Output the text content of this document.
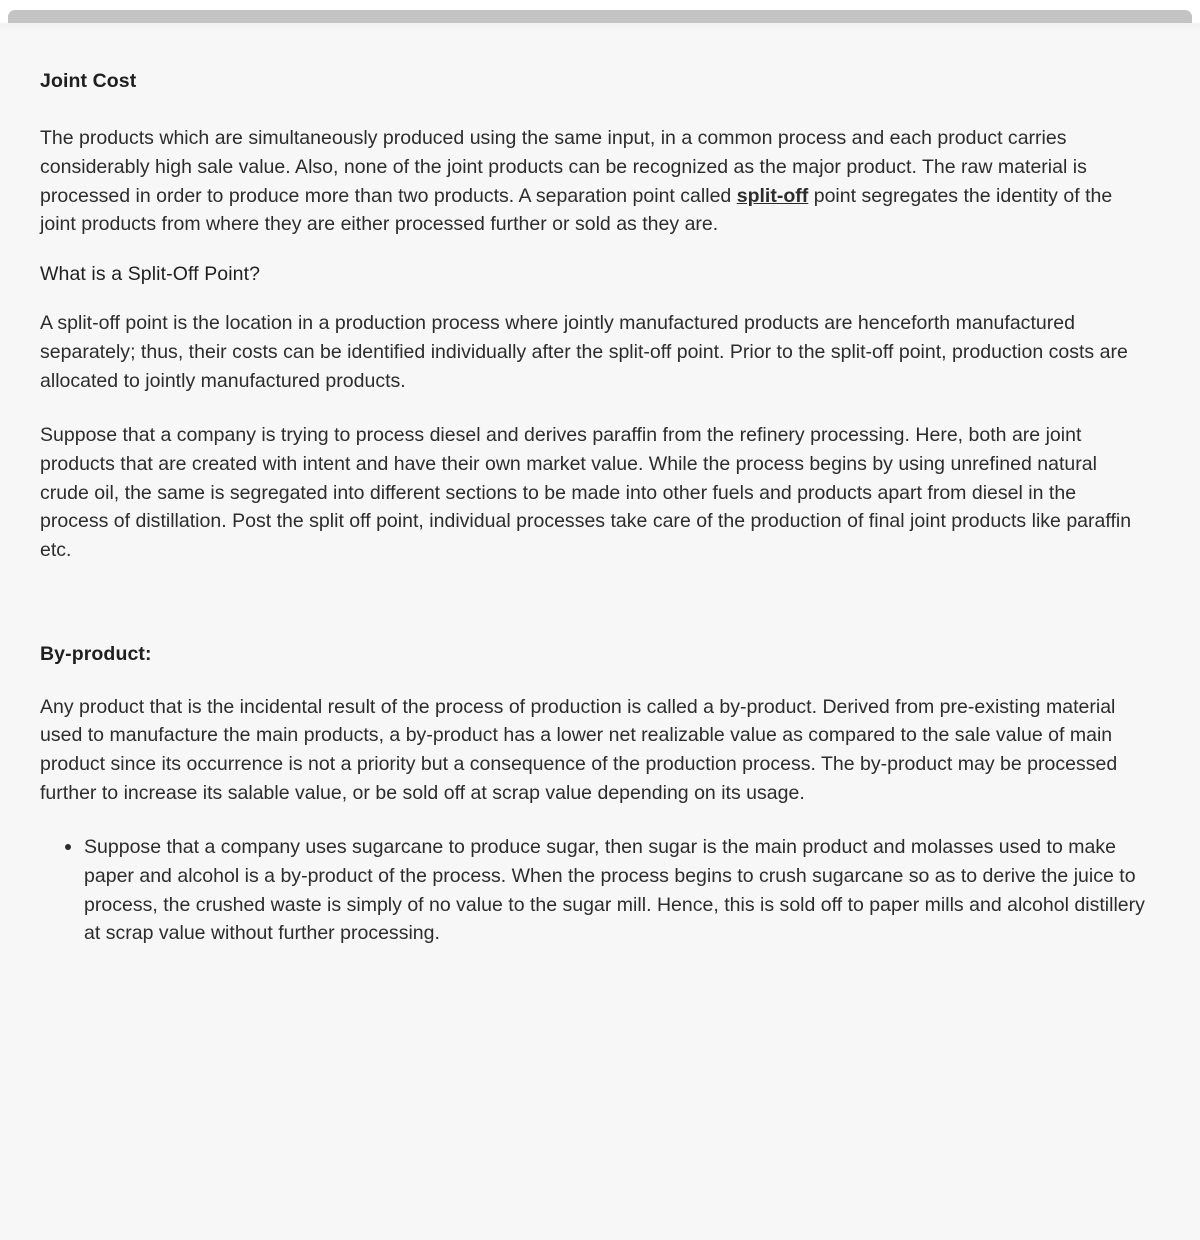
Joint Cost

The products which are simultaneously produced using the same input, in a common process and each product carries considerably high sale value. Also, none of the joint products can be recognized as the major product. The raw material is processed in order to produce more than two products. A separation point called split-off point segregates the identity of the joint products from where they are either processed further or sold as they are.

What is a Split-Off Point?

A split-off point is the location in a production process where jointly manufactured products are henceforth manufactured separately; thus, their costs can be identified individually after the split-off point. Prior to the split-off point, production costs are allocated to jointly manufactured products.

Suppose that a company is trying to process diesel and derives paraffin from the refinery processing. Here, both are joint products that are created with intent and have their own market value. While the process begins by using unrefined natural crude oil, the same is segregated into different sections to be made into other fuels and products apart from diesel in the process of distillation. Post the split off point, individual processes take care of the production of final joint products like paraffin etc.

By-product:

Any product that is the incidental result of the process of production is called a by-product. Derived from pre-existing material used to manufacture the main products, a by-product has a lower net realizable value as compared to the sale value of main product since its occurrence is not a priority but a consequence of the production process. The by-product may be processed further to increase its salable value, or be sold off at scrap value depending on its usage.

Suppose that a company uses sugarcane to produce sugar, then sugar is the main product and molasses used to make paper and alcohol is a by-product of the process. When the process begins to crush sugarcane so as to derive the juice to process, the crushed waste is simply of no value to the sugar mill. Hence, this is sold off to paper mills and alcohol distillery at scrap value without further processing.
